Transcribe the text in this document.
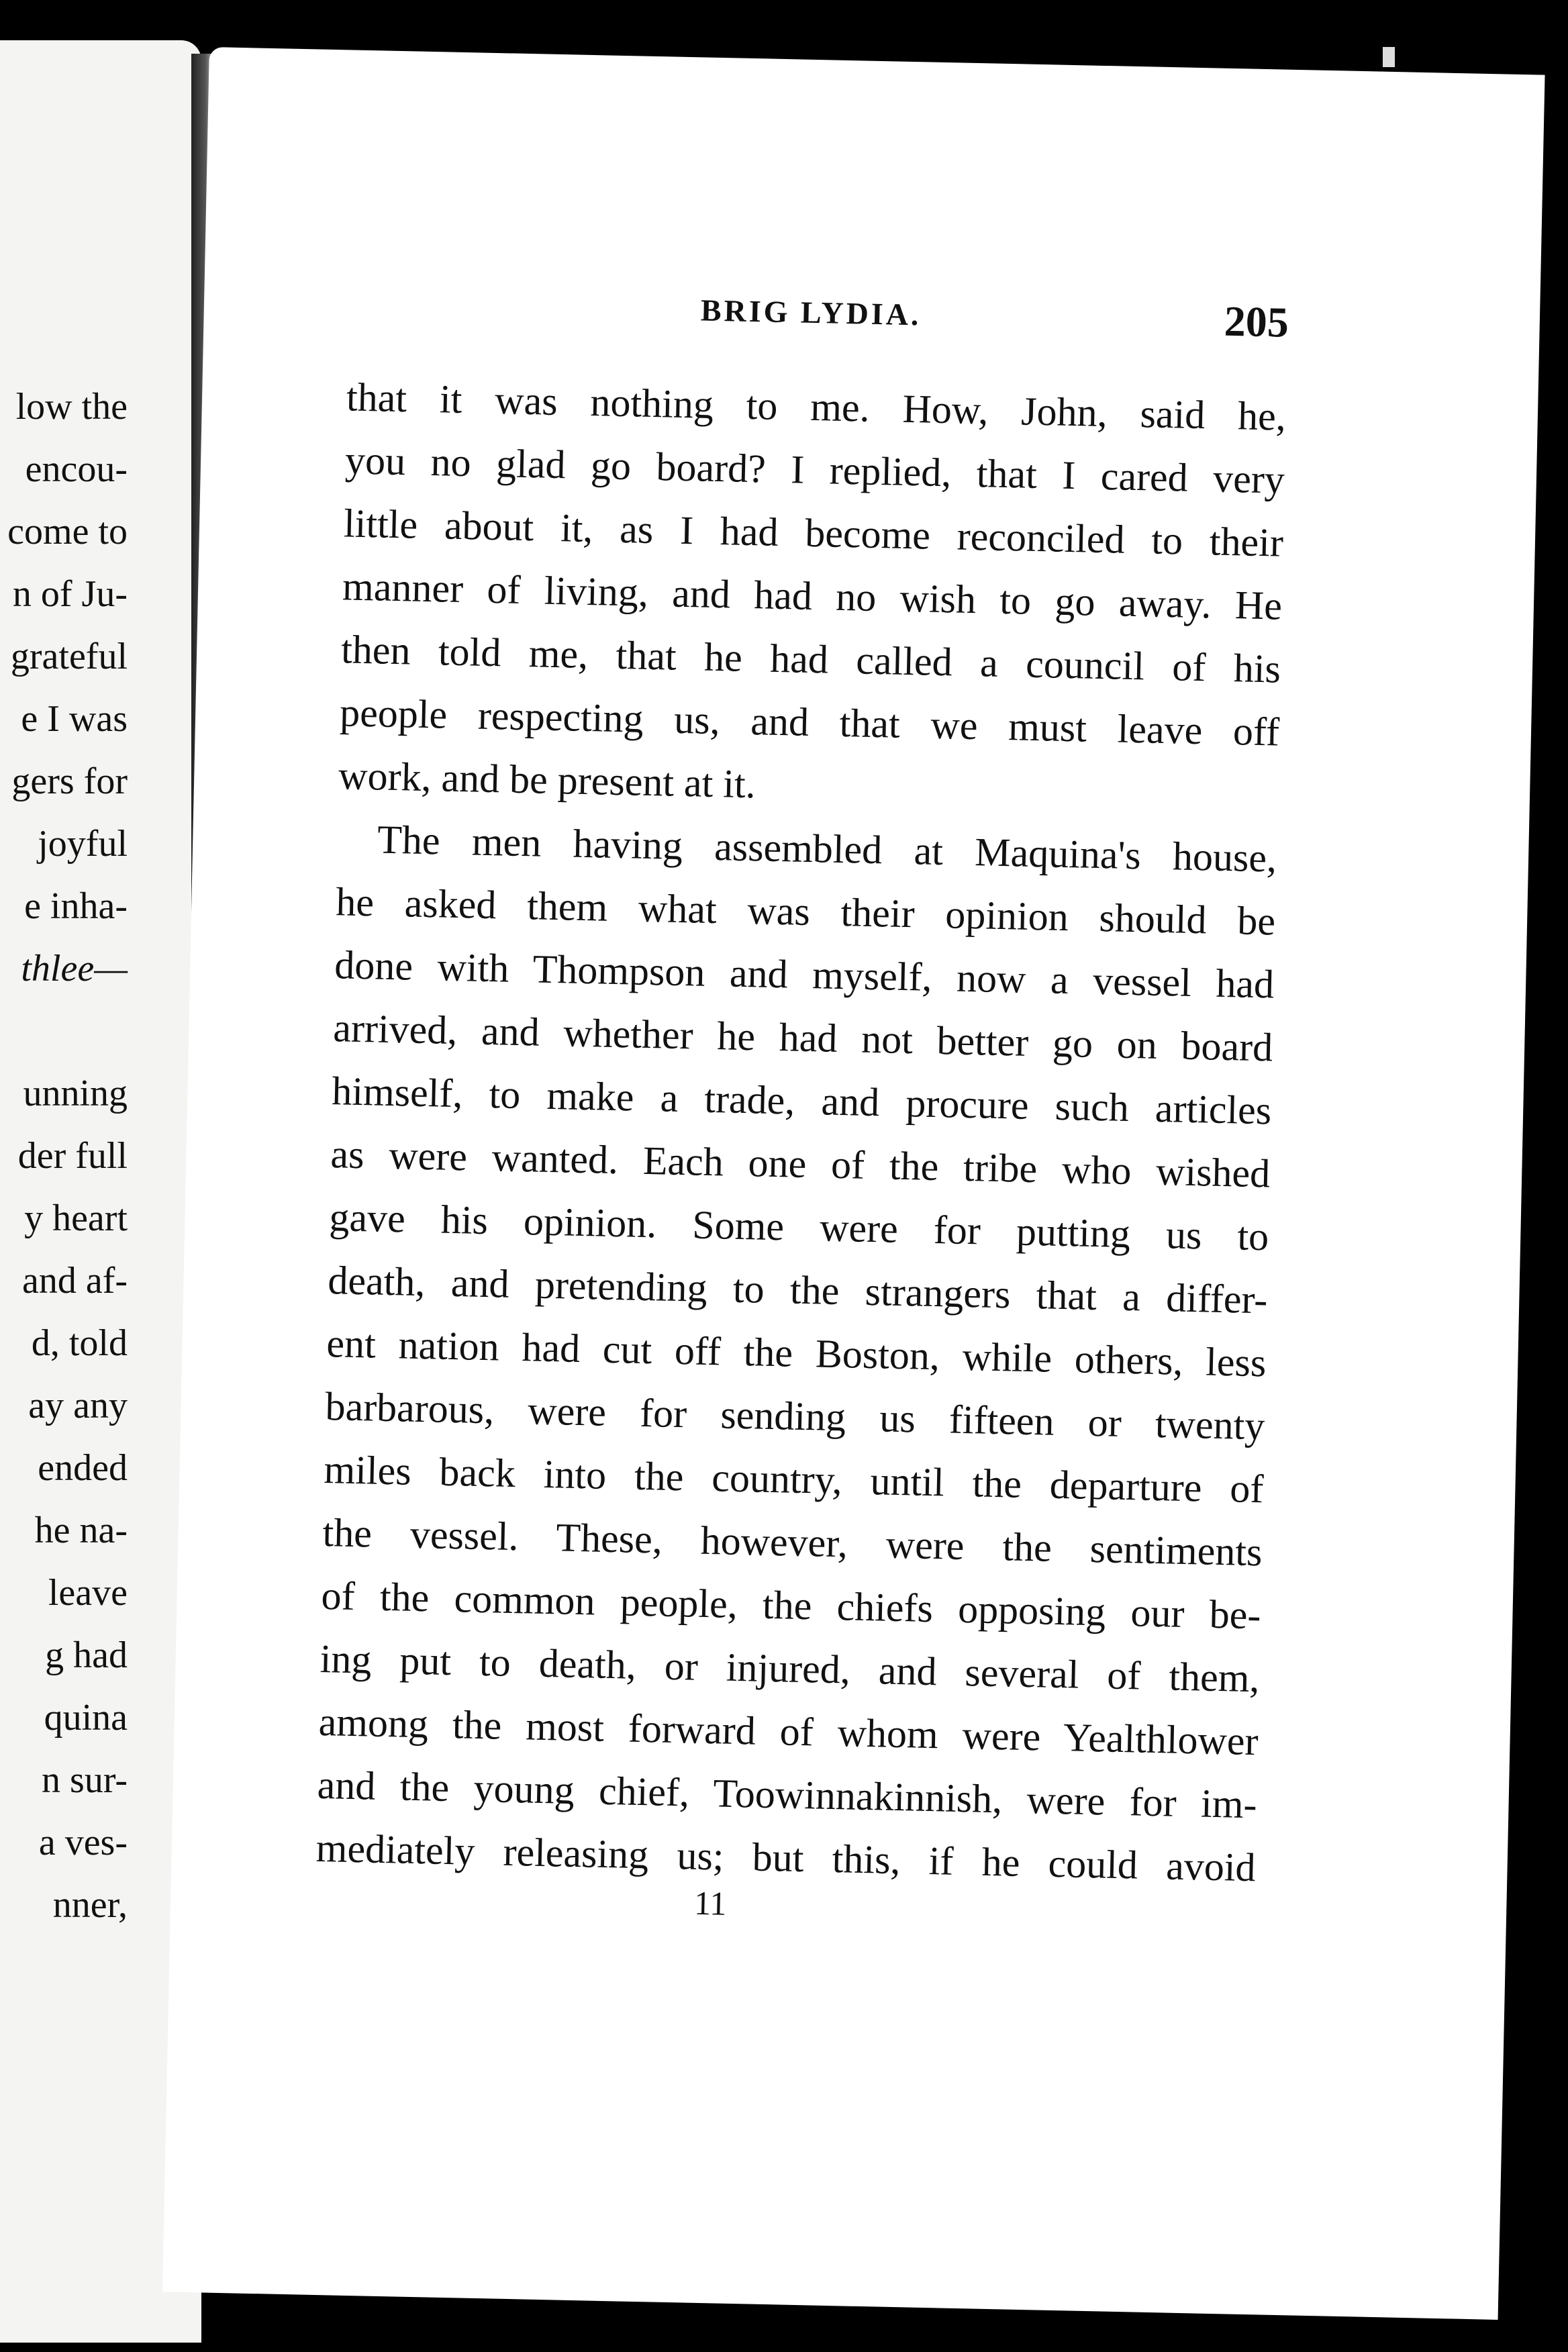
low the
encou-
come to
n of Ju-
grateful
e I was
gers for
joyful
e inha-
thlee—
unning
der full
y heart
and af-
d, told
ay any
ended
he na-
leave
g had
quina
n sur-
a ves-
nner,
BRIG LYDIA.	205
that it was nothing to me. How, John, said he,
you no glad go board? I replied, that I cared very
little about it, as I had become reconciled to their
manner of living, and had no wish to go away. He
then told me, that he had called a council of his
people respecting us, and that we must leave off
work, and be present at it.
The men having assembled at Maquina's house,
he asked them what was their opinion should be
done with Thompson and myself, now a vessel had
arrived, and whether he had not better go on board
himself, to make a trade, and procure such articles
as were wanted. Each one of the tribe who wished
gave his opinion. Some were for putting us to
death, and pretending to the strangers that a differ-
ent nation had cut off the Boston, while others, less
barbarous, were for sending us fifteen or twenty
miles back into the country, until the departure of
the vessel. These, however, were the sentiments
of the common people, the chiefs opposing our be-
ing put to death, or injured, and several of them,
among the most forward of whom were Yealthlower
and the young chief, Toowinnakinnish, were for im-
mediately releasing us; but this, if he could avoid
11
